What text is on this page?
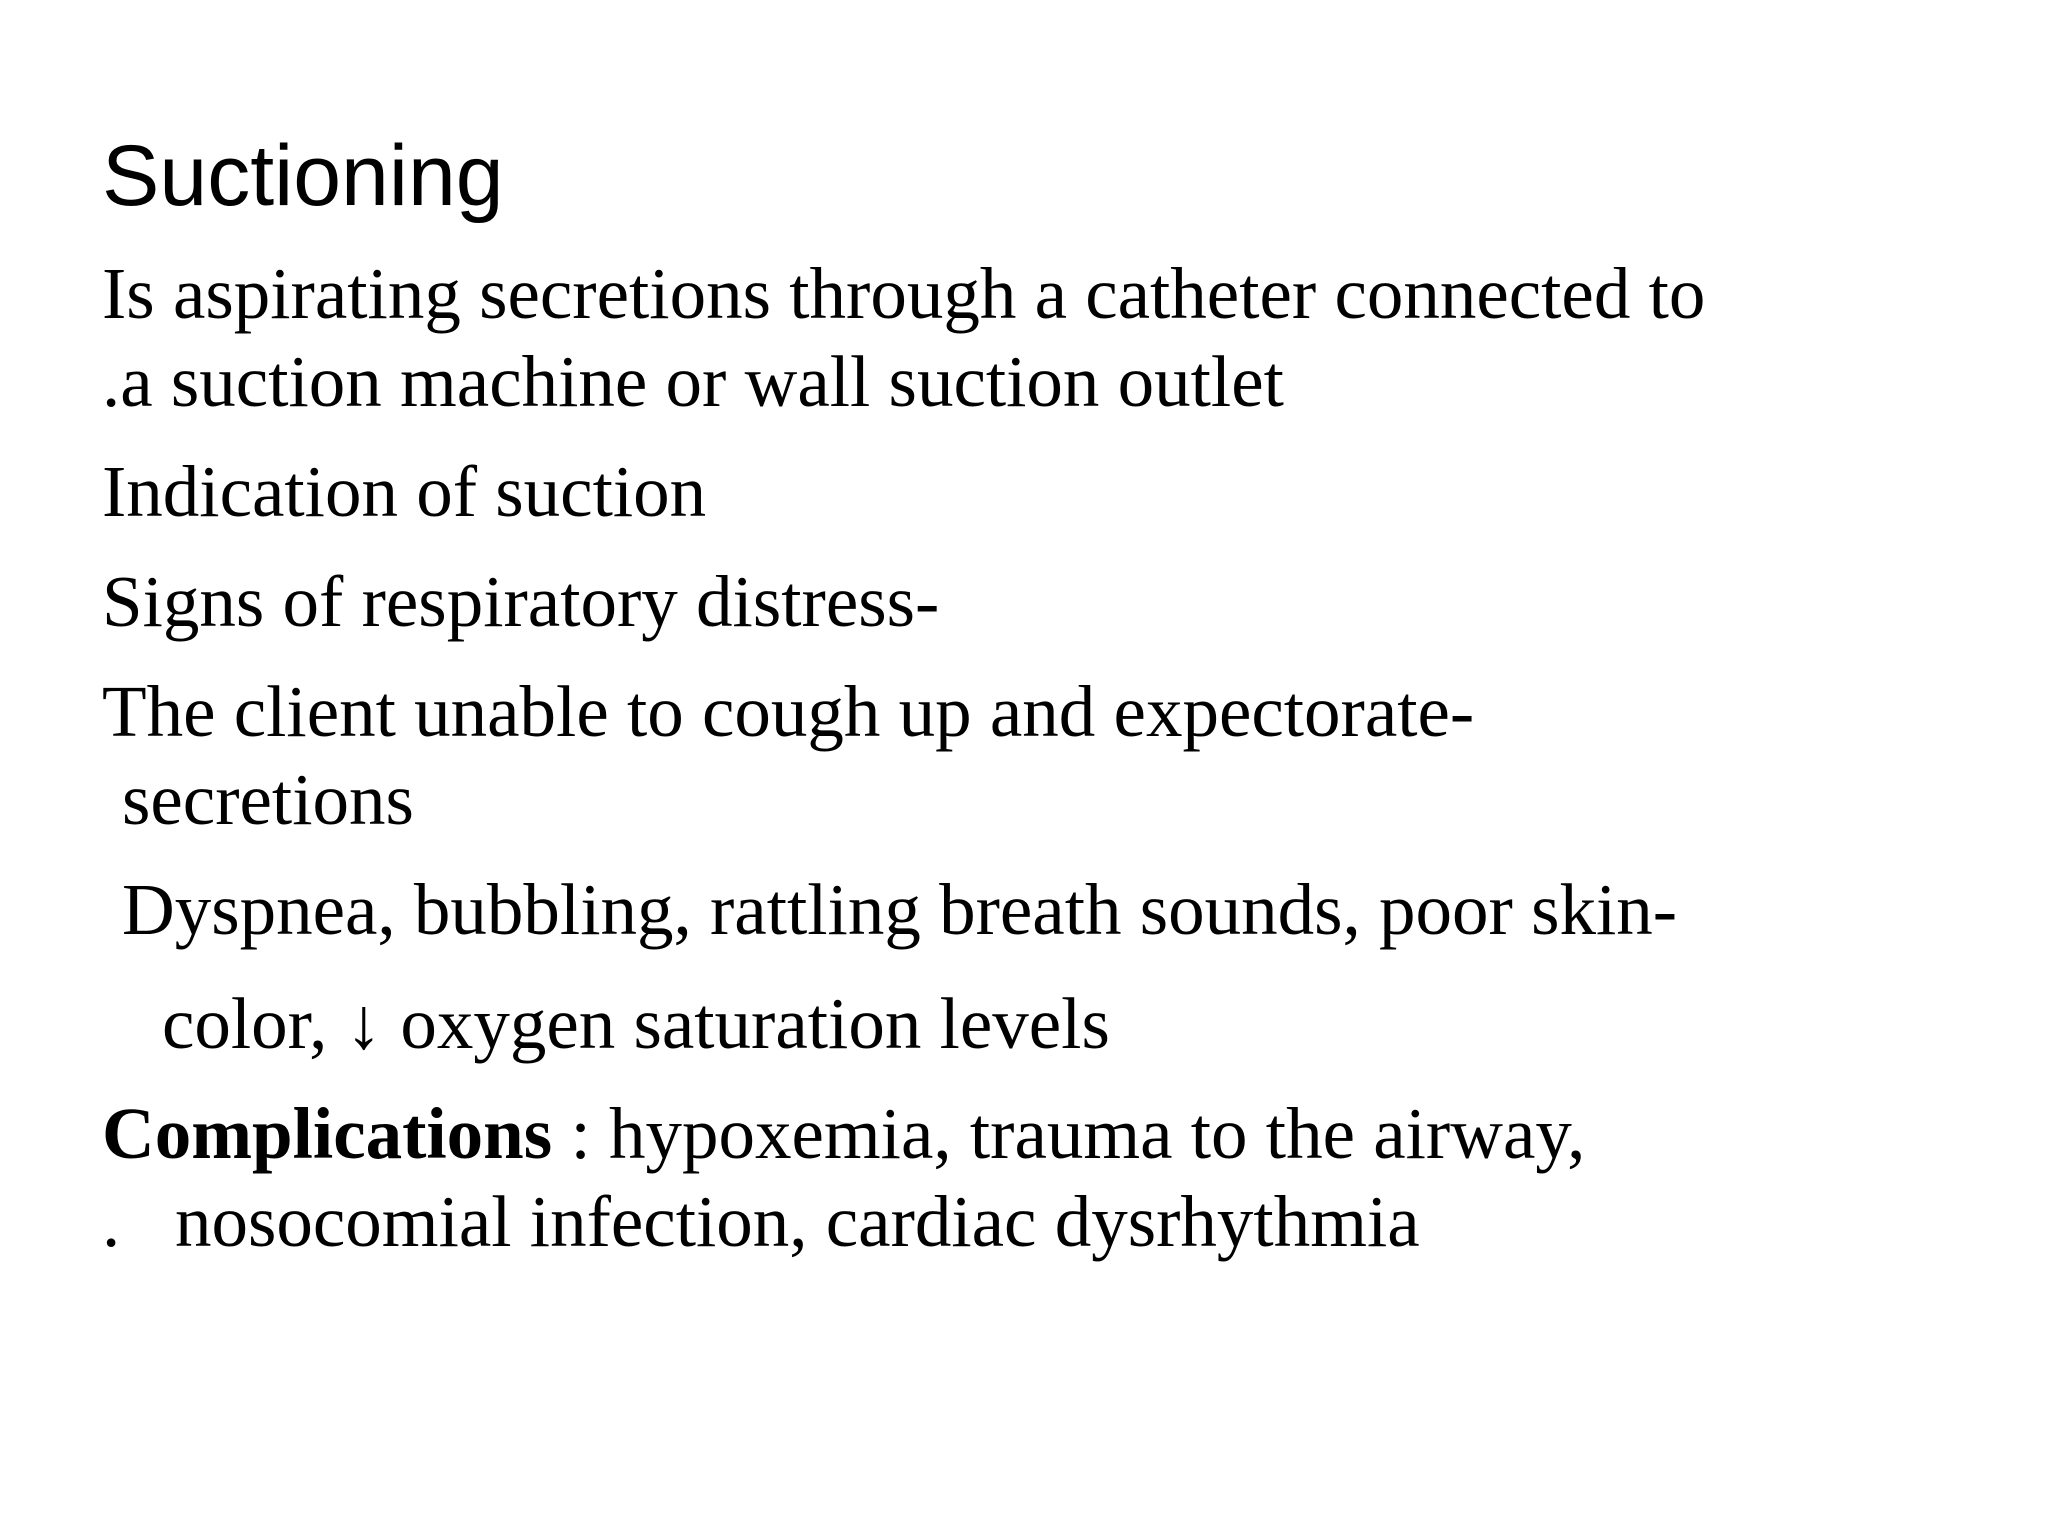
Suctioning
Is aspirating secretions through a catheter connected to
.a suction machine or wall suction outlet
Indication of suction
Signs of respiratory distress-
The client unable to cough up and expectorate-
secretions
Dyspnea, bubbling, rattling breath sounds, poor skin-
color, ↓ oxygen saturation levels
Complications : hypoxemia, trauma to the airway,
.   nosocomial infection, cardiac dysrhythmia
